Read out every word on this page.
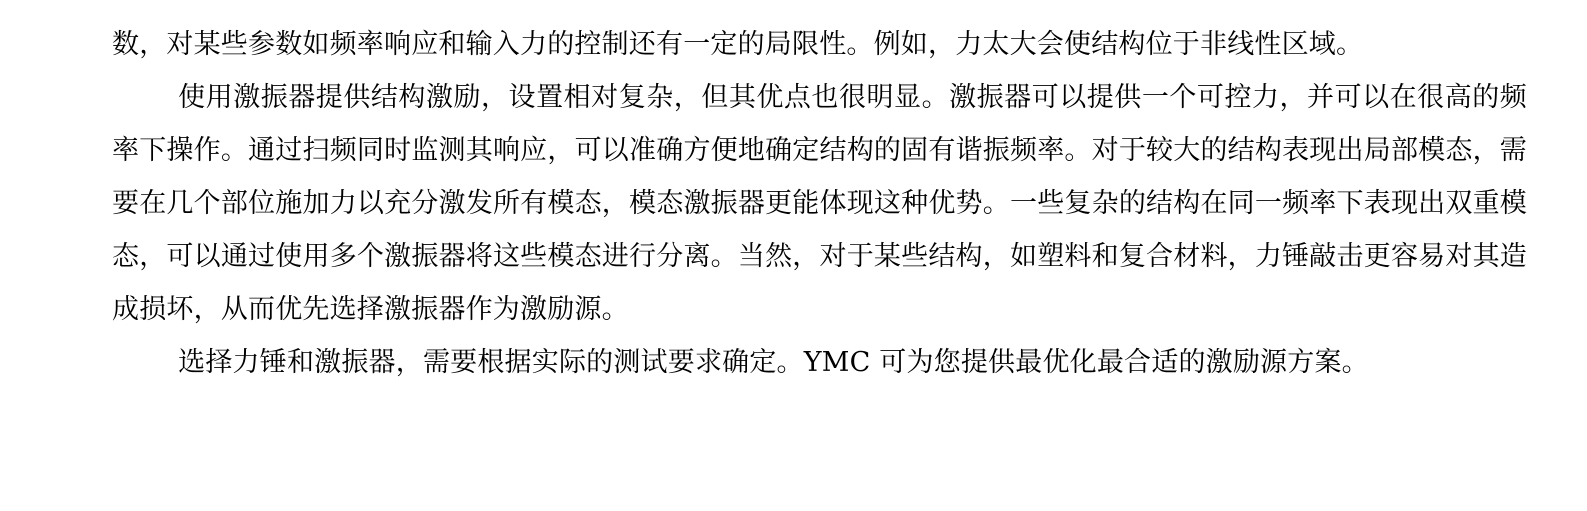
数，对某些参数如频率响应和输入力的控制还有一定的局限性。例如，力太大会使结构位于非线性区域。

使用激振器提供结构激励，设置相对复杂，但其优点也很明显。激振器可以提供一个可控力，并可以在很高的频率下操作。通过扫频同时监测其响应，可以准确方便地确定结构的固有谐振频率。对于较大的结构表现出局部模态，需要在几个部位施加力以充分激发所有模态，模态激振器更能体现这种优势。一些复杂的结构在同一频率下表现出双重模态，可以通过使用多个激振器将这些模态进行分离。当然，对于某些结构，如塑料和复合材料，力锤敲击更容易对其造成损坏，从而优先选择激振器作为激励源。

选择力锤和激振器，需要根据实际的测试要求确定。YMC 可为您提供最优化最合适的激励源方案。
